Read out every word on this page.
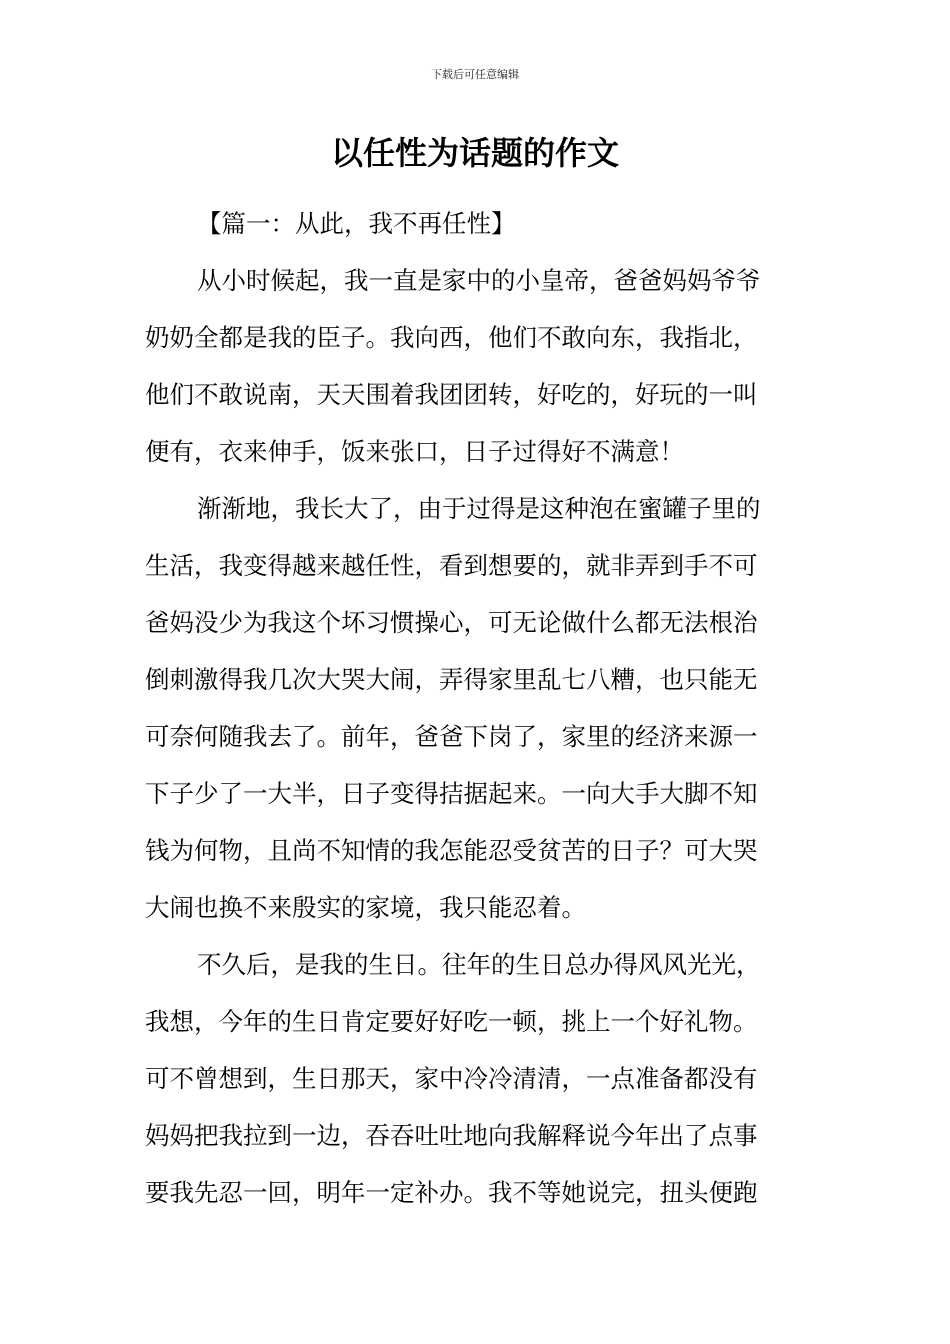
下载后可任意编辑
以任性为话题的作文
【篇一：从此，我不再任性】
从小时候起，我一直是家中的小皇帝，爸爸妈妈爷爷
奶奶全都是我的臣子。我向西，他们不敢向东，我指北，
他们不敢说南，天天围着我团团转，好吃的，好玩的一叫
便有，衣来伸手，饭来张口，日子过得好不满意！
渐渐地，我长大了，由于过得是这种泡在蜜罐子里的
生活，我变得越来越任性，看到想要的，就非弄到手不可
爸妈没少为我这个坏习惯操心，可无论做什么都无法根治
倒刺激得我几次大哭大闹，弄得家里乱七八糟，也只能无
可奈何随我去了。前年，爸爸下岗了，家里的经济来源一
下子少了一大半，日子变得拮据起来。一向大手大脚不知
钱为何物，且尚不知情的我怎能忍受贫苦的日子？可大哭
大闹也换不来殷实的家境，我只能忍着。
不久后，是我的生日。往年的生日总办得风风光光，
我想，今年的生日肯定要好好吃一顿，挑上一个好礼物。
可不曾想到，生日那天，家中冷冷清清，一点准备都没有
妈妈把我拉到一边，吞吞吐吐地向我解释说今年出了点事
要我先忍一回，明年一定补办。我不等她说完，扭头便跑
